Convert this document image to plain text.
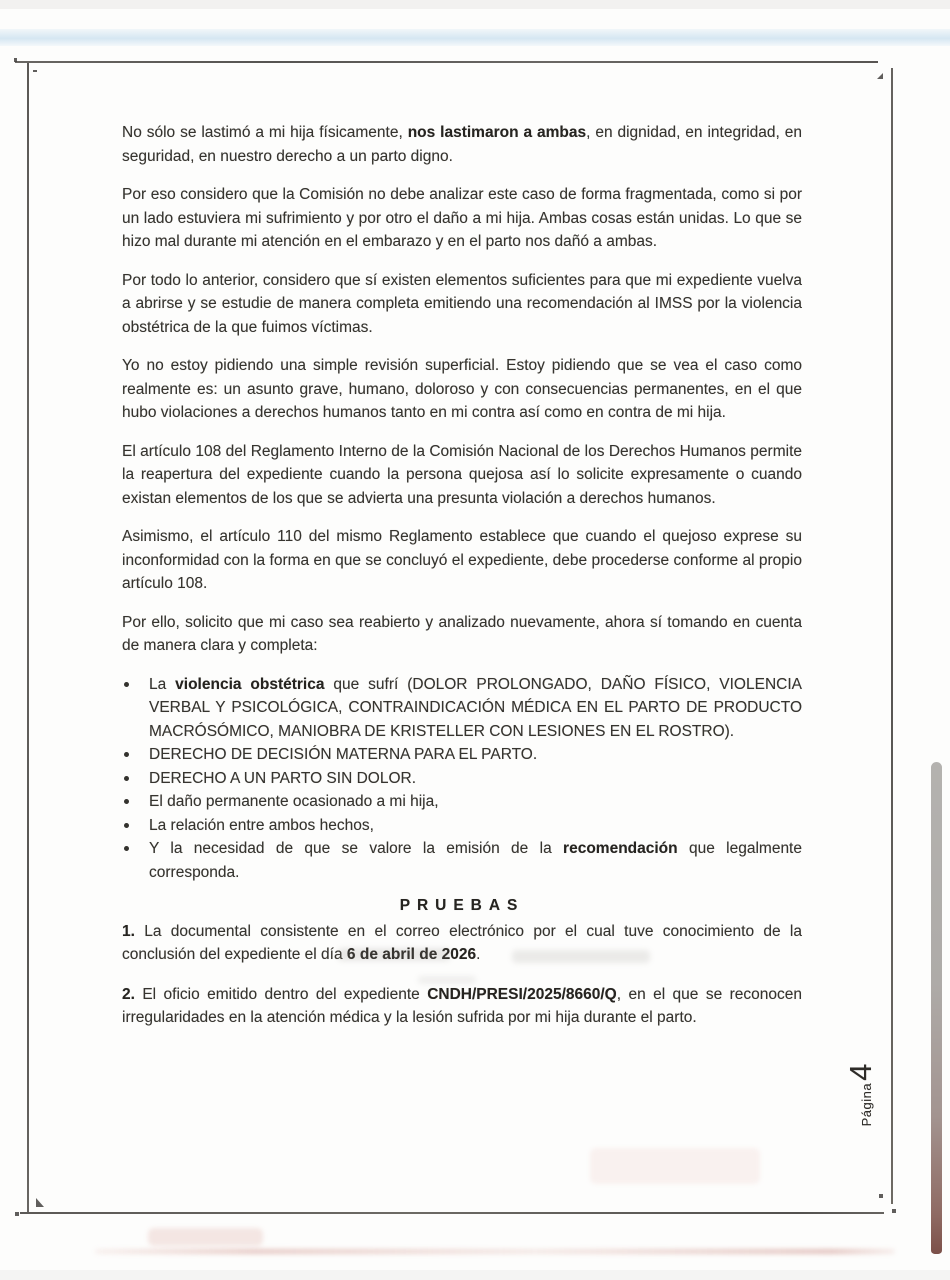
No sólo se lastimó a mi hija físicamente, nos lastimaron a ambas, en dignidad, en integridad, en seguridad, en nuestro derecho a un parto digno.

Por eso considero que la Comisión no debe analizar este caso de forma fragmentada, como si por un lado estuviera mi sufrimiento y por otro el daño a mi hija. Ambas cosas están unidas. Lo que se hizo mal durante mi atención en el embarazo y en el parto nos dañó a ambas.

Por todo lo anterior, considero que sí existen elementos suficientes para que mi expediente vuelva a abrirse y se estudie de manera completa emitiendo una recomendación al IMSS por la violencia obstétrica de la que fuimos víctimas.

Yo no estoy pidiendo una simple revisión superficial. Estoy pidiendo que se vea el caso como realmente es: un asunto grave, humano, doloroso y con consecuencias permanentes, en el que hubo violaciones a derechos humanos tanto en mi contra así como en contra de mi hija.

El artículo 108 del Reglamento Interno de la Comisión Nacional de los Derechos Humanos permite la reapertura del expediente cuando la persona quejosa así lo solicite expresamente o cuando existan elementos de los que se advierta una presunta violación a derechos humanos.

Asimismo, el artículo 110 del mismo Reglamento establece que cuando el quejoso exprese su inconformidad con la forma en que se concluyó el expediente, debe procederse conforme al propio artículo 108.

Por ello, solicito que mi caso sea reabierto y analizado nuevamente, ahora sí tomando en cuenta de manera clara y completa:

La violencia obstétrica que sufrí (DOLOR PROLONGADO, DAÑO FÍSICO, VIOLENCIA VERBAL Y PSICOLÓGICA, CONTRAINDICACIÓN MÉDICA EN EL PARTO DE PRODUCTO MACRÓSÓMICO, MANIOBRA DE KRISTELLER CON LESIONES EN EL ROSTRO).
DERECHO DE DECISIÓN MATERNA PARA EL PARTO.
DERECHO A UN PARTO SIN DOLOR.
El daño permanente ocasionado a mi hija,
La relación entre ambos hechos,
Y la necesidad de que se valore la emisión de la recomendación que legalmente corresponda.
PRUEBAS

1. La documental consistente en el correo electrónico por el cual tuve conocimiento de la conclusión del expediente el día 6 de abril de 2026.

2. El oficio emitido dentro del expediente CNDH/PRESI/2025/8660/Q, en el que se reconocen irregularidades en la atención médica y la lesión sufrida por mi hija durante el parto.

Página
4
